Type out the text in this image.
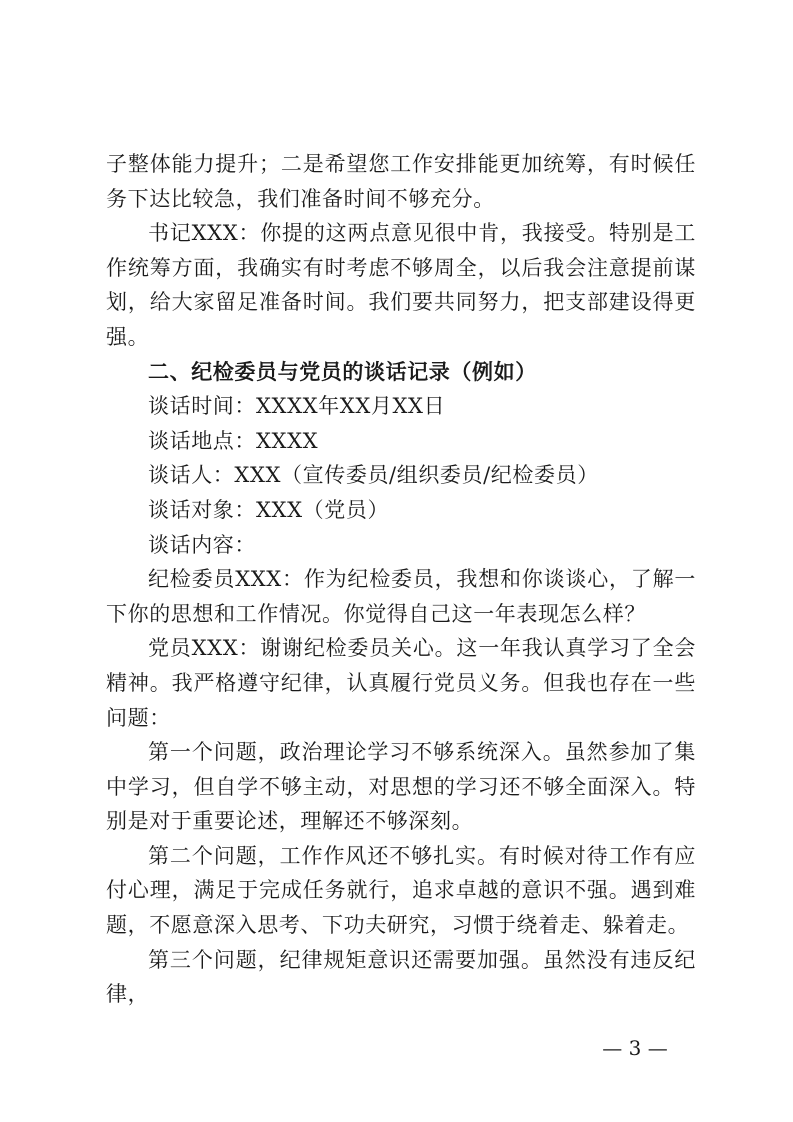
子整体能力提升；二是希望您工作安排能更加统筹，有时候任务下达比较急，我们准备时间不够充分。

书记XXX：你提的这两点意见很中肯，我接受。特别是工作统筹方面，我确实有时考虑不够周全，以后我会注意提前谋划，给大家留足准备时间。我们要共同努力，把支部建设得更强。

二、纪检委员与党员的谈话记录（例如）

谈话时间：XXXX年XX月XX日

谈话地点：XXXX

谈话人：XXX（宣传委员/组织委员/纪检委员）

谈话对象：XXX（党员）

谈话内容：

纪检委员XXX：作为纪检委员，我想和你谈谈心，了解一下你的思想和工作情况。你觉得自己这一年表现怎么样？

党员XXX：谢谢纪检委员关心。这一年我认真学习了全会精神。我严格遵守纪律，认真履行党员义务。但我也存在一些问题：

第一个问题，政治理论学习不够系统深入。虽然参加了集中学习，但自学不够主动，对思想的学习还不够全面深入。特别是对于重要论述，理解还不够深刻。

第二个问题，工作作风还不够扎实。有时候对待工作有应付心理，满足于完成任务就行，追求卓越的意识不强。遇到难题，不愿意深入思考、下功夫研究，习惯于绕着走、躲着走。

第三个问题，纪律规矩意识还需要加强。虽然没有违反纪律，

— 3 —
